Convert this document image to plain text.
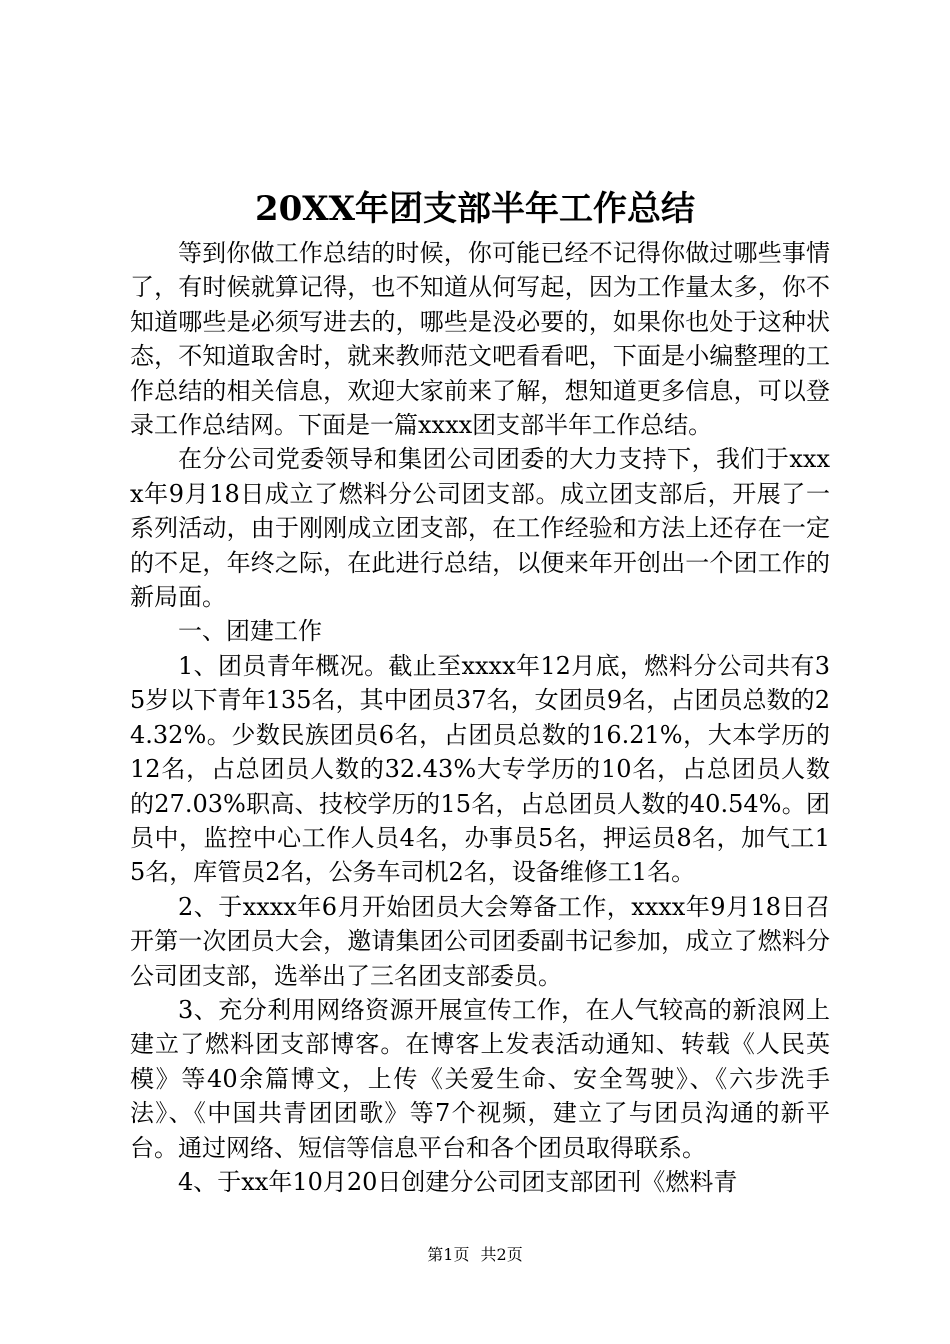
20XX年团支部半年工作总结

等到你做工作总结的时候，你可能已经不记得你做过哪些事情了，有时候就算记得，也不知道从何写起，因为工作量太多，你不知道哪些是必须写进去的，哪些是没必要的，如果你也处于这种状态，不知道取舍时，就来教师范文吧看看吧，下面是小编整理的工作总结的相关信息，欢迎大家前来了解，想知道更多信息，可以登录工作总结网。下面是一篇xxxx团支部半年工作总结。

在分公司党委领导和集团公司团委的大力支持下，我们于xxxx年9月18日成立了燃料分公司团支部。成立团支部后，开展了一系列活动，由于刚刚成立团支部，在工作经验和方法上还存在一定的不足，年终之际，在此进行总结，以便来年开创出一个团工作的新局面。

一、团建工作

1、团员青年概况。截止至xxxx年12月底，燃料分公司共有35岁以下青年135名，其中团员37名，女团员9名，占团员总数的24.32%。少数民族团员6名，占团员总数的16.21%，大本学历的12名，占总团员人数的32.43%大专学历的10名，占总团员人数的27.03%职高、技校学历的15名，占总团员人数的40.54%。团员中，监控中心工作人员4名，办事员5名，押运员8名，加气工15名，库管员2名，公务车司机2名，设备维修工1名。

2、于xxxx年6月开始团员大会筹备工作，xxxx年9月18日召开第一次团员大会，邀请集团公司团委副书记参加，成立了燃料分公司团支部，选举出了三名团支部委员。

3、充分利用网络资源开展宣传工作，在人气较高的新浪网上建立了燃料团支部博客。在博客上发表活动通知、转载《人民英模》等40余篇博文，上传《关爱生命、安全驾驶》、《六步洗手法》、《中国共青团团歌》等7个视频，建立了与团员沟通的新平台。通过网络、短信等信息平台和各个团员取得联系。

4、于xx年10月20日创建分公司团支部团刊《燃料青

第1页 共2页
